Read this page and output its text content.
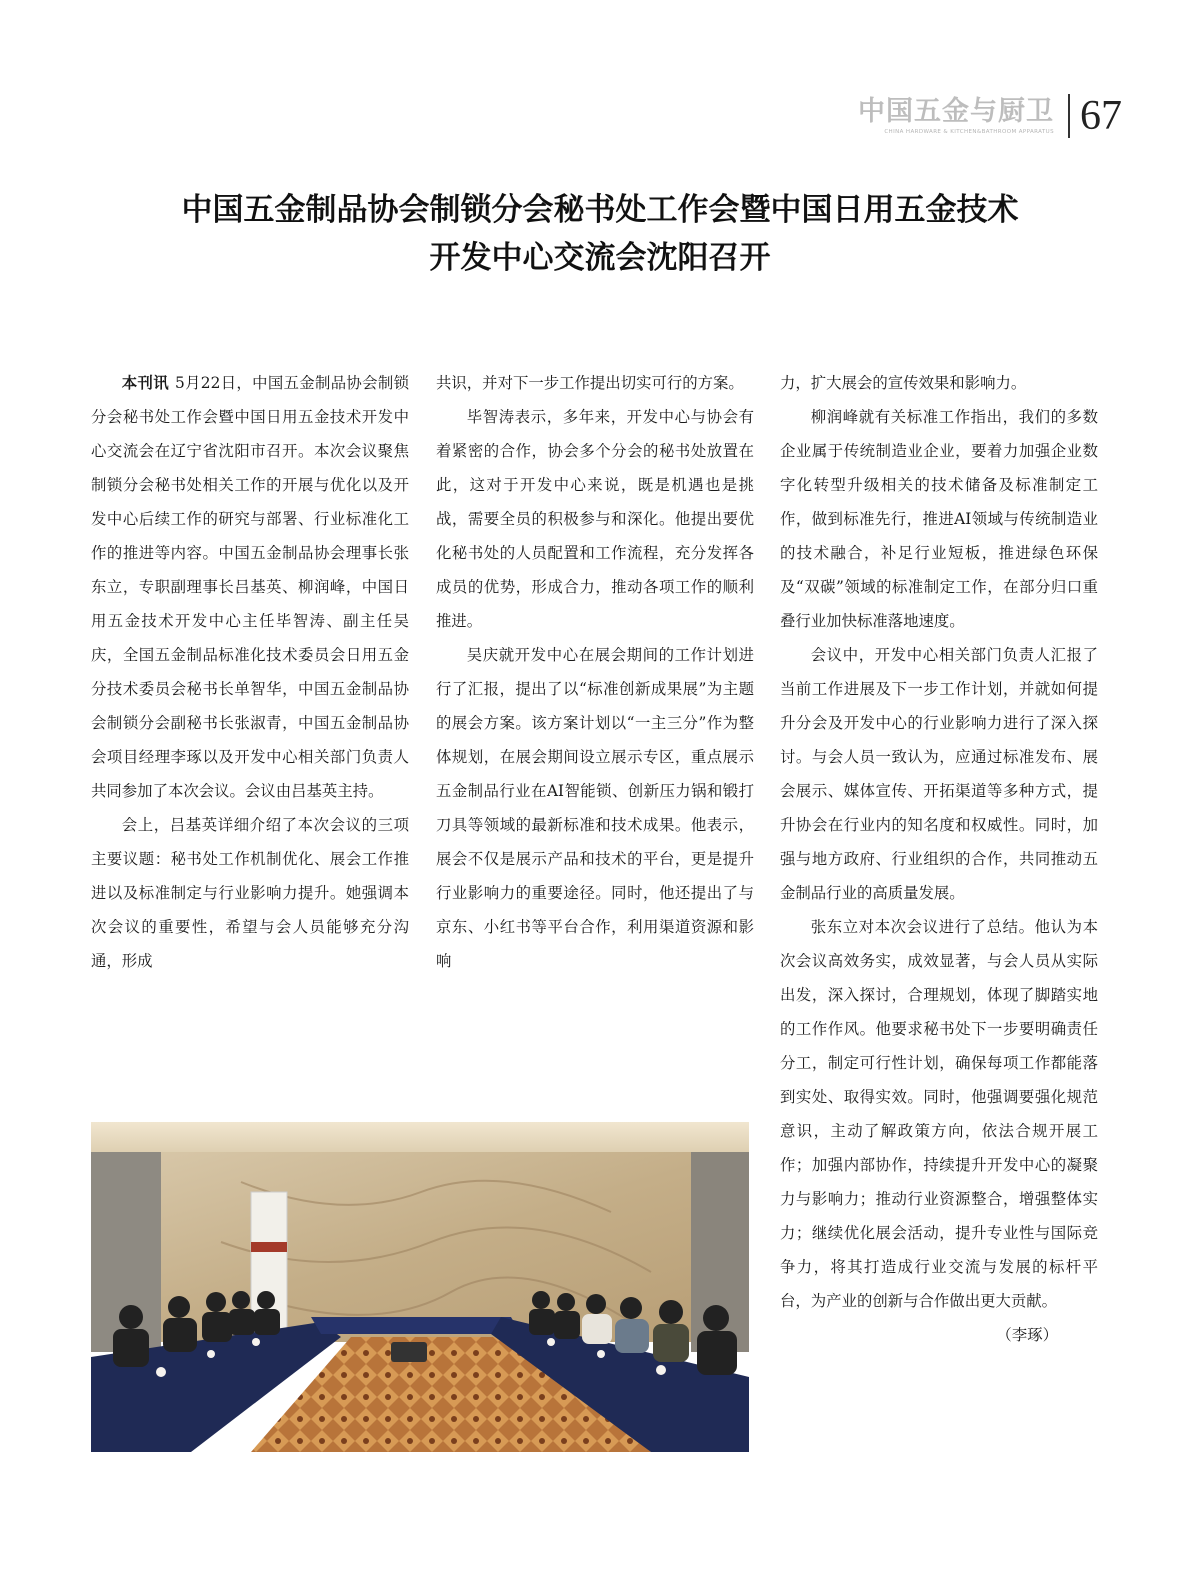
中国五金与厨卫
CHINA HARDWARE & KITCHEN&BATHROOM APPARATUS 67
中国五金制品协会制锁分会秘书处工作会暨中国日用五金技术
开发中心交流会沈阳召开

本刊讯 5月22日，中国五金制品协会制锁分会秘书处工作会暨中国日用五金技术开发中心交流会在辽宁省沈阳市召开。本次会议聚焦制锁分会秘书处相关工作的开展与优化以及开发中心后续工作的研究与部署、行业标准化工作的推进等内容。中国五金制品协会理事长张东立，专职副理事长吕基英、柳润峰，中国日用五金技术开发中心主任毕智涛、副主任吴庆，全国五金制品标准化技术委员会日用五金分技术委员会秘书长单智华，中国五金制品协会制锁分会副秘书长张淑青，中国五金制品协会项目经理李琢以及开发中心相关部门负责人共同参加了本次会议。会议由吕基英主持。

会上，吕基英详细介绍了本次会议的三项主要议题：秘书处工作机制优化、展会工作推进以及标准制定与行业影响力提升。她强调本次会议的重要性，希望与会人员能够充分沟通，形成

共识，并对下一步工作提出切实可行的方案。

毕智涛表示，多年来，开发中心与协会有着紧密的合作，协会多个分会的秘书处放置在此，这对于开发中心来说，既是机遇也是挑战，需要全员的积极参与和深化。他提出要优化秘书处的人员配置和工作流程，充分发挥各成员的优势，形成合力，推动各项工作的顺利推进。

吴庆就开发中心在展会期间的工作计划进行了汇报，提出了以“标准创新成果展”为主题的展会方案。该方案计划以“一主三分”作为整体规划，在展会期间设立展示专区，重点展示五金制品行业在AI智能锁、创新压力锅和锻打刀具等领域的最新标准和技术成果。他表示，展会不仅是展示产品和技术的平台，更是提升行业影响力的重要途径。同时，他还提出了与京东、小红书等平台合作，利用渠道资源和影响

力，扩大展会的宣传效果和影响力。

柳润峰就有关标准工作指出，我们的多数企业属于传统制造业企业，要着力加强企业数字化转型升级相关的技术储备及标准制定工作，做到标准先行，推进AI领域与传统制造业的技术融合，补足行业短板，推进绿色环保及“双碳”领域的标准制定工作，在部分归口重叠行业加快标准落地速度。

会议中，开发中心相关部门负责人汇报了当前工作进展及下一步工作计划，并就如何提升分会及开发中心的行业影响力进行了深入探讨。与会人员一致认为，应通过标准发布、展会展示、媒体宣传、开拓渠道等多种方式，提升协会在行业内的知名度和权威性。同时，加强与地方政府、行业组织的合作，共同推动五金制品行业的高质量发展。

张东立对本次会议进行了总结。他认为本次会议高效务实，成效显著，与会人员从实际出发，深入探讨，合理规划，体现了脚踏实地的工作作风。他要求秘书处下一步要明确责任分工，制定可行性计划，确保每项工作都能落到实处、取得实效。同时，他强调要强化规范意识，主动了解政策方向，依法合规开展工作；加强内部协作，持续提升开发中心的凝聚力与影响力；推动行业资源整合，增强整体实力；继续优化展会活动，提升专业性与国际竞争力，将其打造成行业交流与发展的标杆平台，为产业的创新与合作做出更大贡献。
（李琢）
